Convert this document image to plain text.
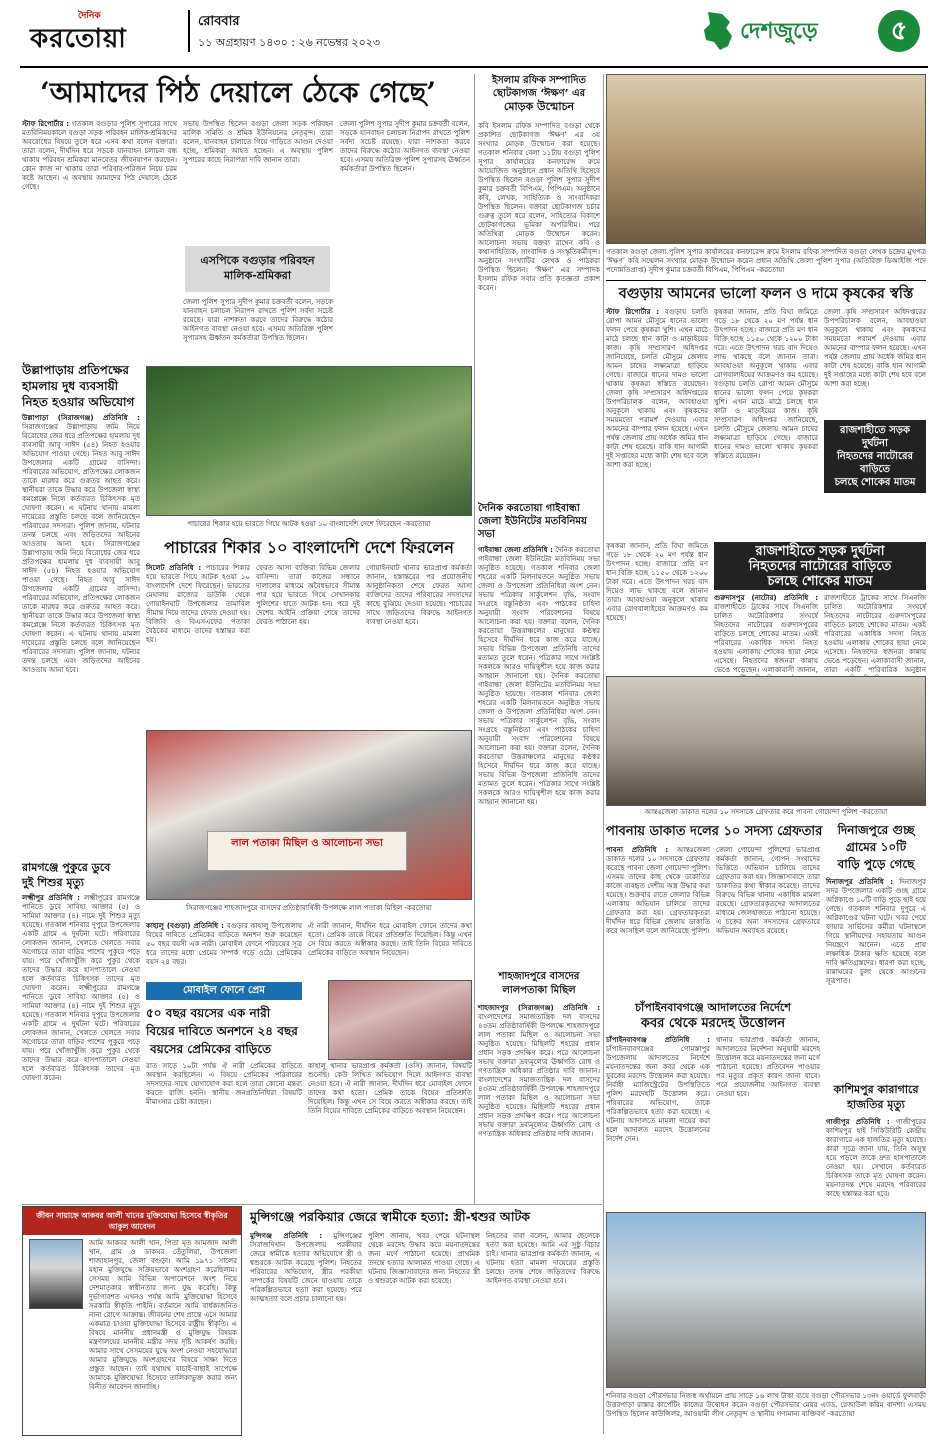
দৈনিক
করতোয়া
রোববার
১১ অগ্রহায়ণ ১৪৩০ : ২৬ নভেম্বর ২০২৩	দেশজুড়ে	৫
‘আমাদের পিঠ দেয়ালে ঠেকে গেছে’
স্টাফ রিপোর্টার : গতকাল বগুড়ার পুলিশ সুপারের সাথে মতবিনিময়কালে বগুড়া সড়ক পরিবহন মালিক-শ্রমিকদের অবরোধের বিষয়ে তুলে ধরে এসব কথা বলেন বক্তারা। তারা বলেন, দীর্ঘদিন ধরে সড়কে যানবাহন চলাচল বন্ধ থাকায় পরিবহন শ্রমিকরা মানবেতর জীবনযাপন করছেন। কোন কাজ না থাকায় তারা পরিবার-পরিজন নিয়ে চরম কষ্টে আছেন। এ অবস্থায় আমাদের পিঠ দেয়ালে ঠেকে গেছে।
সভায় উপস্থিত ছিলেন বগুড়া জেলা সড়ক পরিবহন মালিক সমিতি ও শ্রমিক ইউনিয়নের নেতৃবৃন্দ। তারা বলেন, যানবাহন চালাতে গিয়ে গাড়িতে আগুন দেওয়া হচ্ছে, শ্রমিকরা আহত হচ্ছেন। এ অবস্থায় পুলিশ সুপারের কাছে নিরাপত্তা দাবি জানান তারা।
জেলা পুলিশ সুপার সুদীপ কুমার চক্রবর্তী বলেন, সড়কে যানবাহন চলাচল নিরাপদ রাখতে পুলিশ সর্বদা সচেষ্ট রয়েছে। যারা নাশকতা করবে তাদের বিরুদ্ধে কঠোর আইনগত ব্যবস্থা নেওয়া হবে। এসময় অতিরিক্ত পুলিশ সুপারসহ ঊর্ধ্বতন কর্মকর্তারা উপস্থিত ছিলেন।
এসপিকে বগুড়ার পরিবহন মালিক-শ্রমিকরা
জেলা পুলিশ সুপার সুদীপ কুমার চক্রবর্তী বলেন, সড়কে যানবাহন চলাচল নিরাপদ রাখতে পুলিশ সর্বদা সচেষ্ট রয়েছে। যারা নাশকতা করবে তাদের বিরুদ্ধে কঠোর আইনগত ব্যবস্থা নেওয়া হবে। এসময় অতিরিক্ত পুলিশ সুপারসহ ঊর্ধ্বতন কর্মকর্তারা উপস্থিত ছিলেন।
ইসলাম রফিক সম্পাদিত
ছোটকাগজ ‘ঈক্ষণ’ এর
মোড়ক উন্মোচন
কবি ইসলাম রফিক সম্পাদিত বগুড়া থেকে প্রকাশিত ছোটকাগজ ‘ঈক্ষণ’ এর ৩য় সংখ্যার মোড়ক উন্মোচন করা হয়েছে। গতকাল শনিবার বেলা ১১টায় বগুড়া পুলিশ সুপার কার্যালয়ের কনফারেন্স রুমে আয়োজিত অনুষ্ঠানে প্রধান অতিথি হিসেবে উপস্থিত ছিলেন বগুড়া পুলিশ সুপার সুদীপ কুমার চক্রবর্তী বিপিএম, পিপিএম। অনুষ্ঠানে কবি, লেখক, সাহিত্যিক ও সাংবাদিকরা উপস্থিত ছিলেন। বক্তারা ছোটকাগজ চর্চার গুরুত্ব তুলে ধরে বলেন, সাহিত্যের বিকাশে ছোটকাগজের ভূমিকা অপরিসীম। পরে অতিথিরা মোড়ক উন্মোচন করেন। আলোচনা সভায় বক্তব্য রাখেন কবি ও কথাসাহিত্যিক, সাংবাদিক ও সংস্কৃতিকর্মীবৃন্দ। অনুষ্ঠানে সংখ্যাটির লেখক ও পাঠকরা উপস্থিত ছিলেন। ‘ঈক্ষণ’ এর সম্পাদক ইসলাম রফিক সবার প্রতি কৃতজ্ঞতা প্রকাশ করেন।
গতকাল বগুড়া জেলা পুলিশ সুপার কার্যালয়ের কনফারেন্স রুমে ইসলাম রফিক সম্পাদিত বগুড়া লেখক চক্রের মুখপত্র ‘ঈক্ষণ’ কবি সম্মেলন সংখ্যার মোড়ক উন্মোচন করেন প্রধান অতিথি জেলা পুলিশ সুপার (অতিরিক্ত ডিআইজি পদে পদোন্নতিপ্রাপ্ত) সুদীপ কুমার চক্রবর্তী বিপিএম, পিপিএম -করতোয়া
বগুড়ায় আমনের ভালো ফলন ও দামে কৃষকের স্বস্তি
স্টাফ রিপোর্টার : বগুড়ায় চলতি রোপা আমন মৌসুমে ধানের ভালো ফলন পেয়ে কৃষকরা খুশি। এখন মাঠে মাঠে চলছে ধান কাটা ও মাড়াইয়ের কাজ। কৃষি সম্প্রসারণ অধিদপ্তর জানিয়েছে, চলতি মৌসুমে জেলায় আমন চাষের লক্ষ্যমাত্রা ছাড়িয়ে গেছে। বাজারে ধানের দামও ভালো থাকায় কৃষকরা স্বস্তিতে রয়েছেন। জেলা কৃষি সম্প্রসারণ অধিদপ্তরের উপপরিচালক বলেন, আবহাওয়া অনুকূলে থাকায় এবং কৃষকদের সময়মতো পরামর্শ দেওয়ায় এবার আমনের বাম্পার ফলন হয়েছে। এখন পর্যন্ত জেলায় প্রায় অর্ধেক জমির ধান কাটা শেষ হয়েছে। বাকি ধান আগামী দুই সপ্তাহের মধ্যে কাটা শেষ হবে বলে আশা করা হচ্ছে।
কৃষকরা জানান, প্রতি বিঘা জমিতে গড়ে ১৮ থেকে ২০ মণ পর্যন্ত ধান উৎপাদন হচ্ছে। বাজারে প্রতি মণ ধান বিক্রি হচ্ছে ১১৫০ থেকে ১২০০ টাকা দরে। এতে উৎপাদন খরচ বাদ দিয়েও লাভ থাকছে বলে জানান তারা। আবহাওয়া অনুকূলে থাকায় এবার রোগবালাইয়ের আক্রমণও কম হয়েছে। বগুড়ায় চলতি রোপা আমন মৌসুমে ধানের ভালো ফলন পেয়ে কৃষকরা খুশি। এখন মাঠে মাঠে চলছে ধান কাটা ও মাড়াইয়ের কাজ। কৃষি সম্প্রসারণ অধিদপ্তর জানিয়েছে, চলতি মৌসুমে জেলায় আমন চাষের লক্ষ্যমাত্রা ছাড়িয়ে গেছে। বাজারে ধানের দামও ভালো থাকায় কৃষকরা স্বস্তিতে রয়েছেন।
জেলা কৃষি সম্প্রসারণ অধিদপ্তরের উপপরিচালক বলেন, আবহাওয়া অনুকূলে থাকায় এবং কৃষকদের সময়মতো পরামর্শ দেওয়ায় এবার আমনের বাম্পার ফলন হয়েছে। এখন পর্যন্ত জেলায় প্রায় অর্ধেক জমির ধান কাটা শেষ হয়েছে। বাকি ধান আগামী দুই সপ্তাহের মধ্যে কাটা শেষ হবে বলে আশা করা হচ্ছে।
রাজশাহীতে সড়ক দুর্ঘটনা
নিহতদের নাটোরের বাড়িতে
চলছে শোকের মাতম
রাজশাহীতে সড়ক দুর্ঘটনা
নিহতদের নাটোরের বাড়িতে
চলছে শোকের মাতম
কৃষকরা জানান, প্রতি বিঘা জমিতে গড়ে ১৮ থেকে ২০ মণ পর্যন্ত ধান উৎপাদন হচ্ছে। বাজারে প্রতি মণ ধান বিক্রি হচ্ছে ১১৫০ থেকে ১২০০ টাকা দরে। এতে উৎপাদন খরচ বাদ দিয়েও লাভ থাকছে বলে জানান তারা। আবহাওয়া অনুকূলে থাকায় এবার রোগবালাইয়ের আক্রমণও কম হয়েছে।
গুরুদাসপুর (নাটোর) প্রতিনিধি : রাজশাহীতে ট্রাকের সাথে সিএনজি চালিত অটোরিকশার সংঘর্ষে নিহতদের নাটোরের গুরুদাসপুরের বাড়িতে চলছে শোকের মাতম। একই পরিবারের একাধিক সদস্য নিহত হওয়ায় এলাকায় শোকের ছায়া নেমে এসেছে। নিহতদের স্বজনরা কান্নায় ভেঙে পড়েছেন। এলাকাবাসী জানান,
রাজশাহীতে ট্রাকের সাথে সিএনজি চালিত অটোরিকশার সংঘর্ষে নিহতদের নাটোরের গুরুদাসপুরের বাড়িতে চলছে শোকের মাতম। একই পরিবারের একাধিক সদস্য নিহত হওয়ায় এলাকায় শোকের ছায়া নেমে এসেছে। নিহতদের স্বজনরা কান্নায় ভেঙে পড়েছেন। এলাকাবাসী জানান, তারা একটি পারিবারিক অনুষ্ঠান
উল্লাপাড়ায় প্রতিপক্ষের
হামলায় দুধ ব্যবসায়ী
নিহত হওয়ার অভিযোগ
উল্লাপাড়া (সিরাজগঞ্জ) প্রতিনিধি : সিরাজগঞ্জের উল্লাপাড়ায় জমি নিয়ে বিরোধের জের ধরে প্রতিপক্ষের হামলায় দুধ ব্যবসায়ী আবু সাঈদ (৫৪) নিহত হওয়ার অভিযোগ পাওয়া গেছে। নিহত আবু সাঈদ উপজেলার একটি গ্রামের বাসিন্দা। পরিবারের অভিযোগ, প্রতিপক্ষের লোকজন তাকে মারধর করে গুরুতর আহত করে। স্থানীয়রা তাকে উদ্ধার করে উপজেলা স্বাস্থ্য কমপ্লেক্সে নিলে কর্তব্যরত চিকিৎসক মৃত ঘোষণা করেন। এ ঘটনায় থানায় মামলা দায়েরের প্রস্তুতি চলছে বলে জানিয়েছেন পরিবারের সদস্যরা। পুলিশ জানায়, ঘটনার তদন্ত চলছে এবং জড়িতদের আইনের আওতায় আনা হবে। সিরাজগঞ্জের উল্লাপাড়ায় জমি নিয়ে বিরোধের জের ধরে প্রতিপক্ষের হামলায় দুধ ব্যবসায়ী আবু সাঈদ (৫৪) নিহত হওয়ার অভিযোগ পাওয়া গেছে। নিহত আবু সাঈদ উপজেলার একটি গ্রামের বাসিন্দা। পরিবারের অভিযোগ, প্রতিপক্ষের লোকজন তাকে মারধর করে গুরুতর আহত করে। স্থানীয়রা তাকে উদ্ধার করে উপজেলা স্বাস্থ্য কমপ্লেক্সে নিলে কর্তব্যরত চিকিৎসক মৃত ঘোষণা করেন। এ ঘটনায় থানায় মামলা দায়েরের প্রস্তুতি চলছে বলে জানিয়েছেন পরিবারের সদস্যরা। পুলিশ জানায়, ঘটনার তদন্ত চলছে এবং জড়িতদের আইনের আওতায় আনা হবে।
পাচারের শিকার হয়ে ভারতে গিয়ে আটক হওয়া ১০ বাংলাদেশি দেশে ফিরেছেন -করতোয়া
দৈনিক করতোয়া গাইবান্ধা
জেলা ইউনিটের মতবিনিময়
সভা
পাচারের শিকার ১০ বাংলাদেশি দেশে ফিরলেন
সিলেট প্রতিনিধি : পাচারের শিকার হয়ে ভারতে গিয়ে আটক হওয়া ১০ বাংলাদেশি দেশে ফিরেছেন। ভারতের মেঘালয় রাজ্যের ডাউকি থেকে গোয়াইনঘাট উপজেলার তামাবিল সীমান্ত দিয়ে তাদের ফেরত দেওয়া হয়। বিজিবি ও বিএসএফের পতাকা বৈঠকের মাধ্যমে তাদের হস্তান্তর করা হয়।
ফেরত আসা ব্যক্তিরা বিভিন্ন জেলার বাসিন্দা। তারা কাজের সন্ধানে দালালের মাধ্যমে অবৈধভাবে সীমান্ত পার হয়ে ভারতে গিয়ে সেখানকার পুলিশের হাতে আটক হন। পরে দুই দেশের আইনি প্রক্রিয়া শেষে তাদের ফেরত পাঠানো হয়।
গোয়াইনঘাট থানার ভারপ্রাপ্ত কর্মকর্তা জানান, হস্তান্তরের পর প্রয়োজনীয় আনুষ্ঠানিকতা শেষে ফেরত আসা ব্যক্তিদের তাদের পরিবারের সদস্যদের কাছে বুঝিয়ে দেওয়া হয়েছে। পাচারের সাথে জড়িতদের বিরুদ্ধে আইনগত ব্যবস্থা নেওয়া হবে।
গাইবান্ধা জেলা প্রতিনিধি : দৈনিক করতোয়া গাইবান্ধা জেলা ইউনিটের মতবিনিময় সভা অনুষ্ঠিত হয়েছে। গতকাল শনিবার জেলা শহরের একটি মিলনায়তনে অনুষ্ঠিত সভায় জেলা ও উপজেলা প্রতিনিধিরা অংশ নেন। সভায় পত্রিকার সার্কুলেশন বৃদ্ধি, সংবাদ সংগ্রহে বস্তুনিষ্ঠতা এবং পাঠকের চাহিদা অনুযায়ী সংবাদ পরিবেশনের বিষয়ে আলোচনা করা হয়। বক্তারা বলেন, দৈনিক করতোয়া উত্তরাঞ্চলের মানুষের কণ্ঠস্বর হিসেবে দীর্ঘদিন ধরে কাজ করে যাচ্ছে। সভায় বিভিন্ন উপজেলা প্রতিনিধি তাদের মতামত তুলে ধরেন। পত্রিকার সাথে সংশ্লিষ্ট সকলকে আরও দায়িত্বশীল হয়ে কাজ করার আহ্বান জানানো হয়। দৈনিক করতোয়া গাইবান্ধা জেলা ইউনিটের মতবিনিময় সভা অনুষ্ঠিত হয়েছে। গতকাল শনিবার জেলা শহরের একটি মিলনায়তনে অনুষ্ঠিত সভায় জেলা ও উপজেলা প্রতিনিধিরা অংশ নেন। সভায় পত্রিকার সার্কুলেশন বৃদ্ধি, সংবাদ সংগ্রহে বস্তুনিষ্ঠতা এবং পাঠকের চাহিদা অনুযায়ী সংবাদ পরিবেশনের বিষয়ে আলোচনা করা হয়। বক্তারা বলেন, দৈনিক করতোয়া উত্তরাঞ্চলের মানুষের কণ্ঠস্বর হিসেবে দীর্ঘদিন ধরে কাজ করে যাচ্ছে। সভায় বিভিন্ন উপজেলা প্রতিনিধি তাদের মতামত তুলে ধরেন। পত্রিকার সাথে সংশ্লিষ্ট সকলকে আরও দায়িত্বশীল হয়ে কাজ করার আহ্বান জানানো হয়।
আন্তঃজেলা ডাকাত দলের ১০ সদস্যকে গ্রেফতার করে পাবনা গোয়েন্দা পুলিশ -করতোয়া
পাবনায় ডাকাত দলের ১০ সদস্য গ্রেফতার
পাবনা প্রতিনিধি : আন্তঃজেলা ডাকাত দলের ১০ সদস্যকে গ্রেফতার করেছে পাবনা জেলা গোয়েন্দা পুলিশ। এসময় তাদের কাছ থেকে ডাকাতির কাজে ব্যবহৃত দেশীয় অস্ত্র উদ্ধার করা হয়েছে। শুক্রবার রাতে জেলার বিভিন্ন এলাকায় অভিযান চালিয়ে তাদের গ্রেফতার করা হয়। গ্রেফতারকৃতরা দীর্ঘদিন ধরে বিভিন্ন জেলায় ডাকাতি করে আসছিল বলে জানিয়েছে পুলিশ।
জেলা গোয়েন্দা পুলিশের ভারপ্রাপ্ত কর্মকর্তা জানান, গোপন সংবাদের ভিত্তিতে অভিযান চালিয়ে তাদের গ্রেফতার করা হয়। জিজ্ঞাসাবাদে তারা ডাকাতির কথা স্বীকার করেছে। তাদের বিরুদ্ধে বিভিন্ন থানায় একাধিক মামলা রয়েছে। গ্রেফতারকৃতদের আদালতের মাধ্যমে জেলহাজতে পাঠানো হয়েছে। এ চক্রের অন্য সদস্যদের গ্রেফতারে অভিযান অব্যাহত রয়েছে।
দিনাজপুরে গুচ্ছ
গ্রামের ১০টি
বাড়ি পুড়ে গেছে
দিনাজপুর প্রতিনিধি : দিনাজপুর সদর উপজেলার একটি গুচ্ছ গ্রামে অগ্নিকাণ্ডে ১০টি বাড়ি পুড়ে ছাই হয়ে গেছে। গতকাল শনিবার দুপুরে এ অগ্নিকাণ্ডের ঘটনা ঘটে। খবর পেয়ে ফায়ার সার্ভিসের কর্মীরা ঘটনাস্থলে গিয়ে স্থানীয়দের সহায়তায় আগুন নিয়ন্ত্রণে আনেন। এতে প্রায় লক্ষাধিক টাকার ক্ষতি হয়েছে বলে দাবি ক্ষতিগ্রস্তদের। ধারণা করা হচ্ছে, রান্নাঘরের চুলা থেকে আগুনের সূত্রপাত।
চাঁপাইনবাবগঞ্জে আদালতের নির্দেশে
কবর থেকে মরদেহ উত্তোলন
চাঁপাইনবাবগঞ্জ প্রতিনিধি : চাঁপাইনবাবগঞ্জের গোমস্তাপুর উপজেলায় আদালতের নির্দেশে ময়নাতদন্তের জন্য কবর থেকে এক যুবকের মরদেহ উত্তোলন করা হয়েছে। নির্বাহী ম্যাজিস্ট্রেটের উপস্থিতিতে পুলিশ মরদেহটি উত্তোলন করে। পরিবারের অভিযোগ, তাকে পরিকল্পিতভাবে হত্যা করা হয়েছে। এ ঘটনায় আদালতে মামলা দায়ের করা হলে আদালত মরদেহ উত্তোলনের নির্দেশ দেন।
থানার ভারপ্রাপ্ত কর্মকর্তা জানান, আদালতের নির্দেশনা অনুযায়ী মরদেহ উত্তোলন করে ময়নাতদন্তের জন্য মর্গে পাঠানো হয়েছে। প্রতিবেদন পাওয়ার পর মৃত্যুর প্রকৃত কারণ জানা যাবে। পরে প্রয়োজনীয় আইনগত ব্যবস্থা নেওয়া হবে।	কাশিমপুর কারাগারে হাজতির মৃত্যু
গাজীপুর প্রতিনিধি : গাজীপুরের কাশিমপুর হাই সিকিউরিটি কেন্দ্রীয় কারাগারে এক হাজতির মৃত্যু হয়েছে। কারা সূত্রে জানা যায়, তিনি অসুস্থ হয়ে পড়লে তাকে দ্রুত হাসপাতালে নেওয়া হয়। সেখানে কর্তব্যরত চিকিৎসক তাকে মৃত ঘোষণা করেন। ময়নাতদন্ত শেষে মরদেহ পরিবারের কাছে হস্তান্তর করা হবে।
রামগঞ্জে পুকুরে ডুবে
দুই শিশুর মৃত্যু
লক্ষ্মীপুর প্রতিনিধি : লক্ষ্মীপুরের রামগঞ্জে পানিতে ডুবে সাবিহা আক্তার (৫) ও সামিয়া আক্তার (৪) নামে দুই শিশুর মৃত্যু হয়েছে। গতকাল শনিবার দুপুরে উপজেলার একটি গ্রামে এ দুর্ঘটনা ঘটে। পরিবারের লোকজন জানান, খেলতে খেলতে সবার অগোচরে তারা বাড়ির পাশের পুকুরে পড়ে যায়। পরে খোঁজাখুঁজি করে পুকুর থেকে তাদের উদ্ধার করে হাসপাতালে নেওয়া হলে কর্তব্যরত চিকিৎসক তাদের মৃত ঘোষণা করেন। লক্ষ্মীপুরের রামগঞ্জে পানিতে ডুবে সাবিহা আক্তার (৫) ও সামিয়া আক্তার (৪) নামে দুই শিশুর মৃত্যু হয়েছে। গতকাল শনিবার দুপুরে উপজেলার একটি গ্রামে এ দুর্ঘটনা ঘটে। পরিবারের লোকজন জানান, খেলতে খেলতে সবার অগোচরে তারা বাড়ির পাশের পুকুরে পড়ে যায়। পরে খোঁজাখুঁজি করে পুকুর থেকে তাদের উদ্ধার করে হাসপাতালে নেওয়া হলে কর্তব্যরত চিকিৎসক তাদের মৃত ঘোষণা করেন।
লাল পতাকা মিছিল ও আলোচনা সভা
সিরাজগঞ্জের শাহজাদপুরে বাসদের প্রতিষ্ঠাবার্ষিকী উপলক্ষে লাল পতাকা মিছিল -করতোয়া
কাহালু (বগুড়া) প্রতিনিধি : বগুড়ার কাহালু উপজেলায় বিয়ের দাবিতে প্রেমিকের বাড়িতে অনশন শুরু করেছেন ৫০ বছর বয়সী এক নারী। মোবাইল ফোনে পরিচয়ের সূত্র ধরে তাদের মধ্যে প্রেমের সম্পর্ক গড়ে ওঠে। প্রেমিকের বয়স ২৪ বছর।
ঐ নারী জানান, দীর্ঘদিন ধরে মোবাইল ফোনে তাদের কথা হতো। প্রেমিক তাকে বিয়ের প্রতিশ্রুতি দিয়েছিল। কিন্তু এখন সে বিয়ে করতে অস্বীকার করছে। তাই তিনি বিয়ের দাবিতে প্রেমিকের বাড়িতে অবস্থান নিয়েছেন।
মোবাইল ফোনে প্রেম
৫০ বছর বয়সের এক নারী
বিয়ের দাবিতে অনশনে ২৪ বছর
বয়সের প্রেমিকের বাড়িতে
রাত সাড়ে ১০টা পর্যন্ত ঐ নারী প্রেমিকের বাড়িতে অবস্থান করছিলেন। এ বিষয়ে প্রেমিকের পরিবারের সদস্যদের সাথে যোগাযোগ করা হলে তারা কোনো মন্তব্য করতে রাজি হননি। স্থানীয় জনপ্রতিনিধিরা বিষয়টি মীমাংসার চেষ্টা করছেন।
কাহালু থানার ভারপ্রাপ্ত কর্মকর্তা (ওসি) জানান, বিষয়টি শুনেছি। কেউ লিখিত অভিযোগ দিলে আইনগত ব্যবস্থা নেওয়া হবে। ঐ নারী জানান, দীর্ঘদিন ধরে মোবাইল ফোনে তাদের কথা হতো। প্রেমিক তাকে বিয়ের প্রতিশ্রুতি দিয়েছিল। কিন্তু এখন সে বিয়ে করতে অস্বীকার করছে। তাই তিনি বিয়ের দাবিতে প্রেমিকের বাড়িতে অবস্থান নিয়েছেন।
শাহজাদপুরে বাসদের
লালপতাকা মিছিল
শাহজাদপুর (সিরাজগঞ্জ) প্রতিনিধি : বাংলাদেশের সমাজতান্ত্রিক দল বাসদের ৪৩তম প্রতিষ্ঠাবার্ষিকী উপলক্ষে শাহজাদপুরে লাল পতাকা মিছিল ও আলোচনা সভা অনুষ্ঠিত হয়েছে। মিছিলটি শহরের প্রধান প্রধান সড়ক প্রদক্ষিণ করে। পরে আলোচনা সভায় বক্তারা দ্রব্যমূল্যের ঊর্ধ্বগতি রোধ ও গণতান্ত্রিক অধিকার প্রতিষ্ঠার দাবি জানান। বাংলাদেশের সমাজতান্ত্রিক দল বাসদের ৪৩তম প্রতিষ্ঠাবার্ষিকী উপলক্ষে শাহজাদপুরে লাল পতাকা মিছিল ও আলোচনা সভা অনুষ্ঠিত হয়েছে। মিছিলটি শহরের প্রধান প্রধান সড়ক প্রদক্ষিণ করে। পরে আলোচনা সভায় বক্তারা দ্রব্যমূল্যের ঊর্ধ্বগতি রোধ ও গণতান্ত্রিক অধিকার প্রতিষ্ঠার দাবি জানান।
জীবন সায়াহ্নে আকবর আলী খানের মুক্তিযোদ্ধা হিসেবে স্বীকৃতির আকুল আবেদন
আমি আকবর আলী খান, পিতা মৃত আমজাদ আলী খান, গ্রাম ও ডাকঘর তেঁতুলিয়া, উপজেলা শাজাহানপুর, জেলা বগুড়া। আমি ১৯৭১ সালের মহান মুক্তিযুদ্ধে সক্রিয়ভাবে অংশগ্রহণ করেছিলাম। সেসময় আমি বিভিন্ন অপারেশনে অংশ নিয়ে দেশমাতৃকার স্বাধীনতার জন্য যুদ্ধ করেছি। কিন্তু দুর্ভাগ্যবশত এখনও পর্যন্ত আমি মুক্তিযোদ্ধা হিসেবে সরকারি স্বীকৃতি পাইনি। বর্তমানে আমি বার্ধক্যজনিত নানা রোগে আক্রান্ত। জীবনের শেষ প্রান্তে এসে আমার একমাত্র চাওয়া মুক্তিযোদ্ধা হিসেবে রাষ্ট্রীয় স্বীকৃতি। এ বিষয়ে মাননীয় প্রধানমন্ত্রী ও মুক্তিযুদ্ধ বিষয়ক মন্ত্রণালয়ের মাননীয় মন্ত্রীর সদয় দৃষ্টি আকর্ষণ করছি। আমার সাথে সেসময়ের যুদ্ধে অংশ নেওয়া সহযোদ্ধারা আমার মুক্তিযুদ্ধে অংশগ্রহণের বিষয়ে সাক্ষ্য দিতে প্রস্তুত আছেন। তাই যথাযথ যাচাই-বাছাই সাপেক্ষে আমাকে মুক্তিযোদ্ধা হিসেবে তালিকাভুক্ত করার জন্য বিনীত আবেদন জানাচ্ছি।
মুন্সিগঞ্জে পরকিয়ার জেরে স্বামীকে হত্যা: স্ত্রী-শ্বশুর আটক
মুন্সিগঞ্জ প্রতিনিধি : মুন্সিগঞ্জের সিরাজদিখান উপজেলায় পরকীয়ার জেরে স্বামীকে হত্যার অভিযোগে স্ত্রী ও শ্বশুরকে আটক করেছে পুলিশ। নিহতের পরিবারের অভিযোগ, স্ত্রীর পরকীয়া সম্পর্কের বিষয়টি জেনে যাওয়ায় তাকে পরিকল্পিতভাবে হত্যা করা হয়েছে। পরে আত্মহত্যা বলে প্রচার চালানো হয়।
পুলিশ জানায়, খবর পেয়ে ঘটনাস্থল থেকে মরদেহ উদ্ধার করে ময়নাতদন্তের জন্য মর্গে পাঠানো হয়েছে। প্রাথমিক তদন্তে হত্যার আলামত পাওয়া গেছে। এ ঘটনায় জিজ্ঞাসাবাদের জন্য নিহতের স্ত্রী ও শ্বশুরকে আটক করা হয়েছে।
নিহতের বাবা বলেন, আমার ছেলেকে হত্যা করা হয়েছে। আমি এর সুষ্ঠু বিচার চাই। থানার ভারপ্রাপ্ত কর্মকর্তা জানান, এ ঘটনায় হত্যা মামলা দায়েরের প্রস্তুতি চলছে। তদন্ত শেষে জড়িতদের বিরুদ্ধে আইনগত ব্যবস্থা নেওয়া হবে।
শনিবার বগুড়া পৌরসভার নিজস্ব অর্থায়নে প্রায় সাড়ে ১৬ লাখ টাকা ব্যয়ে বগুড়া পৌরসভার ১৩নং ওয়ার্ডে ফুলবাড়ী উত্তরপাড়া রাস্তার কার্পেটিং কাজের উদ্বোধন করেন বগুড়া পৌরসভার মেয়র এ্যাড. রেজাউল করিম বাদশা। এসময় উপস্থিত ছিলেন কাউন্সিলর, আওয়ামী লীগ নেতৃবৃন্দ ও স্থানীয় গণ্যমান্য ব্যক্তিবর্গ -করতোয়া
